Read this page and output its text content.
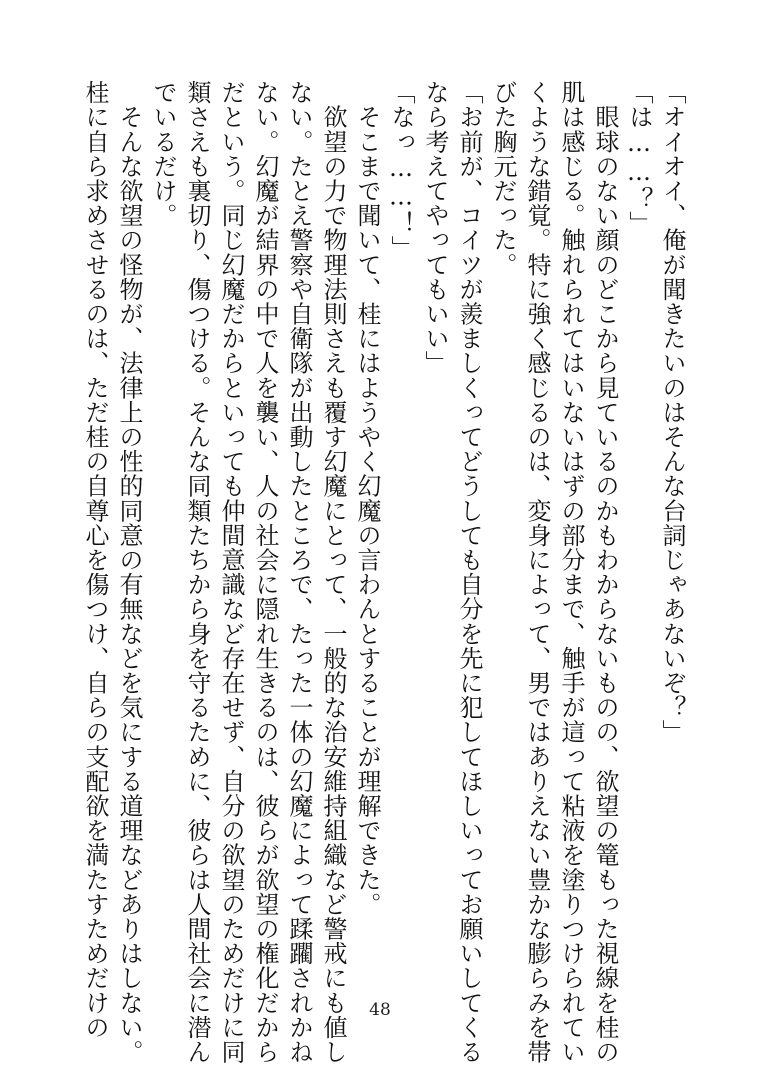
「オイオイ、俺が聞きたいのはそんな台詞じゃあないぞ？」
「は……？」
　眼球のない顔のどこから見ているのかもわからないものの、欲望の篭もった視線を桂の
肌は感じる。触れられてはいないはずの部分まで、触手が這って粘液を塗りつけられてい
くような錯覚。特に強く感じるのは、変身によって、男ではありえない豊かな膨らみを帯
びた胸元だった。
「お前が、コイツが羨ましくってどうしても自分を先に犯してほしいってお願いしてくる
なら考えてやってもいい」
「なっ……！」
　そこまで聞いて、桂にはようやく幻魔の言わんとすることが理解できた。
　欲望の力で物理法則さえも覆す幻魔にとって、一般的な治安維持組織など警戒にも値し
ない。たとえ警察や自衛隊が出動したところで、たった一体の幻魔によって蹂躙されかね
ない。幻魔が結界の中で人を襲い、人の社会に隠れ生きるのは、彼らが欲望の権化だから
だという。同じ幻魔だからといっても仲間意識など存在せず、自分の欲望のためだけに同
類さえも裏切り、傷つける。そんな同類たちから身を守るために、彼らは人間社会に潜ん
でいるだけ。
　そんな欲望の怪物が、法律上の性的同意の有無などを気にする道理などありはしない。
桂に自ら求めさせるのは、ただ桂の自尊心を傷つけ、自らの支配欲を満たすためだけの	48
